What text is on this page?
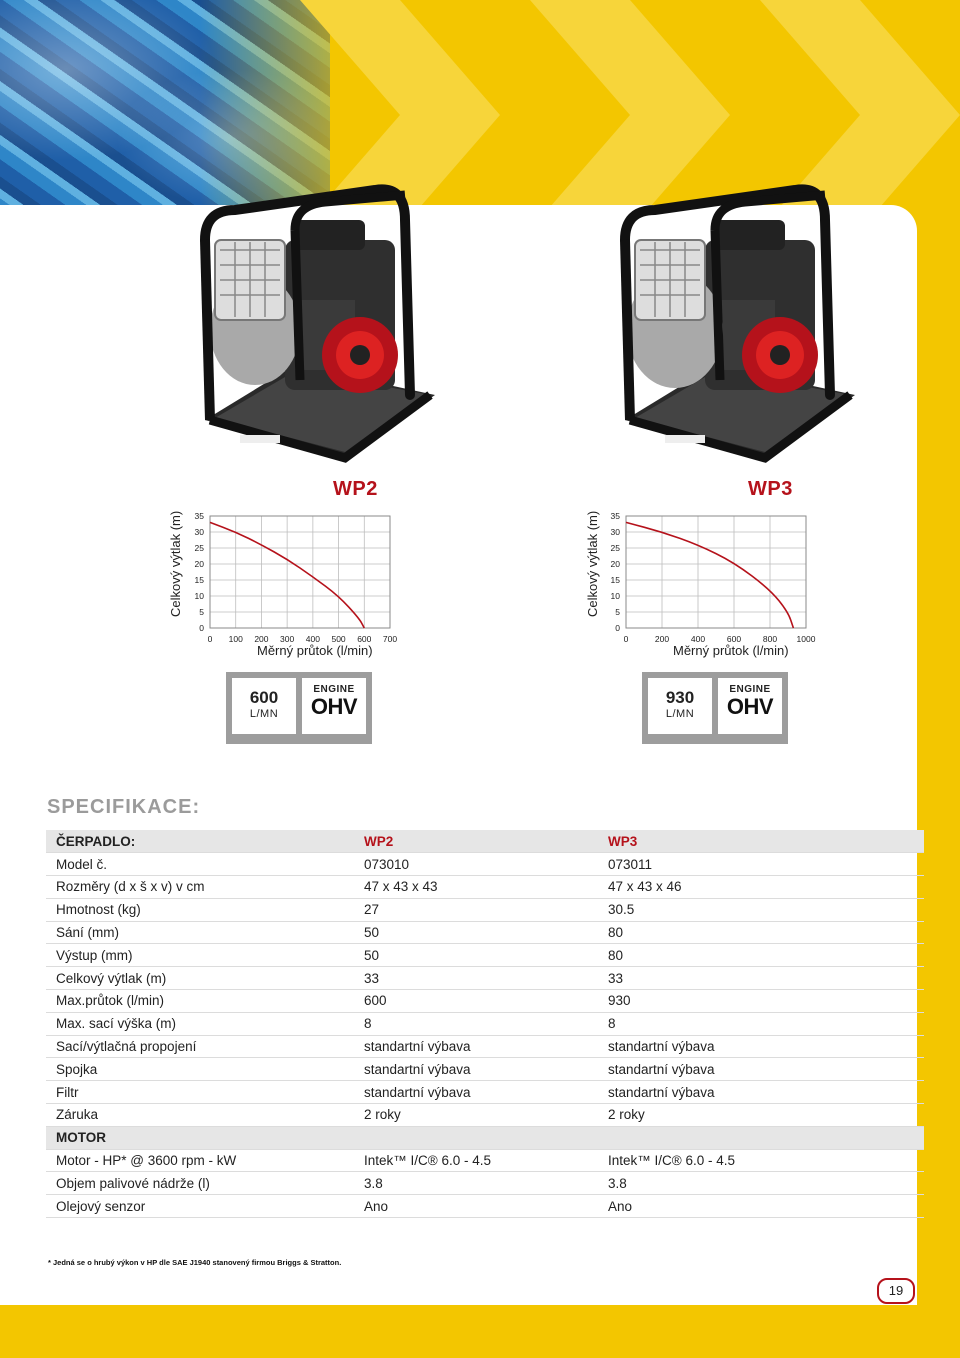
WP2	WP3
Celkový výtlak (m)
0
5
10
15
20
25
30
35
0 100 200 300 400 500 600 700
Měrný průtok (l/min)
Celkový výtlak (m)
0
5
10
15
20
25
30
35
0	200	400	600	800 1000
Měrný průtok (l/min)
600
L/MN
ENGINE
OHV	930
L/MN
ENGINE
OHV
SPECIFIKACE:
ČERPADLO:	WP2	WP3
Model č.	073010	073011
Rozměry (d x š x v) v cm	47 x 43 x 43	47 x 43 x 46
Hmotnost (kg)	27	30.5
Sání (mm)	50	80
Výstup (mm)	50	80
Celkový výtlak (m)	33	33
Max.průtok (l/min)	600	930
Max. sací výška (m)	8	8
Sací/výtlačná propojení	standartní výbava	standartní výbava
Spojka	standartní výbava	standartní výbava
Filtr	standartní výbava	standartní výbava
Záruka	2 roky	2 roky
MOTOR		
Motor - HP* @ 3600 rpm - kW	Intek™ I/C® 6.0 - 4.5	Intek™ I/C® 6.0 - 4.5
Objem palivové nádrže (l)	3.8	3.8
Olejový senzor	Ano	Ano
* Jedná se o hrubý výkon v HP dle SAE J1940 stanovený firmou Briggs & Stratton.
19
